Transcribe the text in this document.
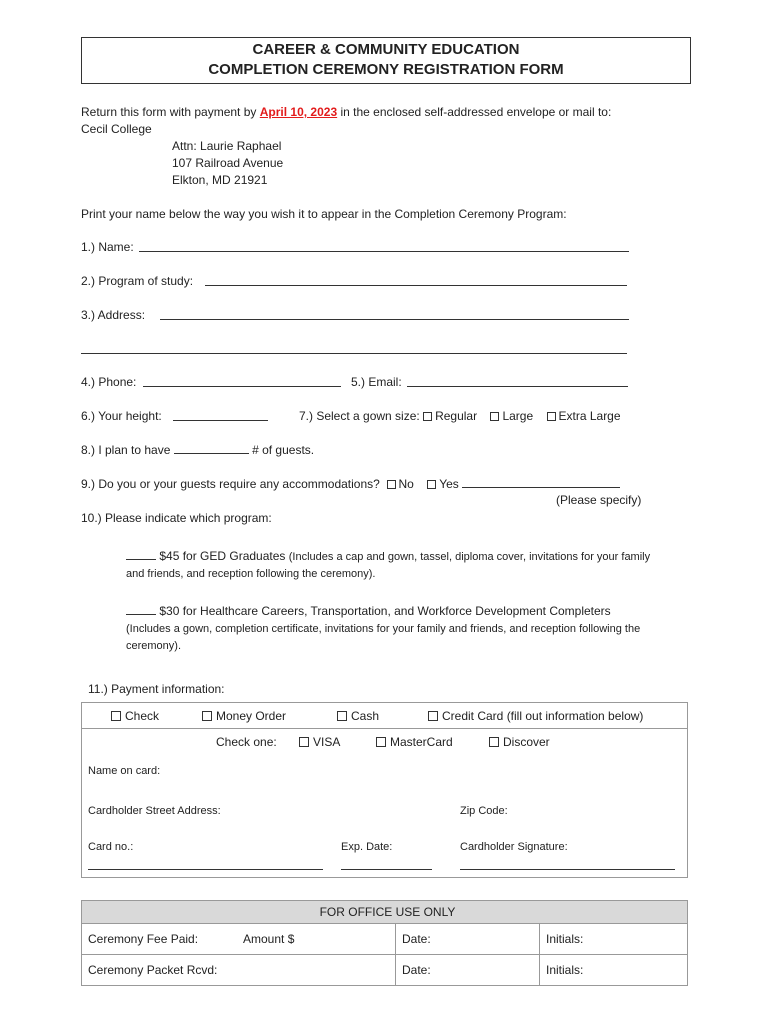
CAREER & COMMUNITY EDUCATION
COMPLETION CEREMONY REGISTRATION FORM
Return this form with payment by April 10, 2023 in the enclosed self-addressed envelope or mail to:
Cecil College
Attn: Laurie Raphael
107 Railroad Avenue
Elkton, MD 21921
Print your name below the way you wish it to appear in the Completion Ceremony Program:
1.) Name:
2.) Program of study:
3.) Address:
4.) Phone:	5.) Email:
6.) Your height:	7.) Select a gown size: Regular Large Extra Large
8.) I plan to have	# of guests.
9.) Do you or your guests require any accommodations? No Yes
(Please specify)
10.) Please indicate which program:
$45 for GED Graduates (Includes a cap and gown, tassel, diploma cover, invitations for your family
and friends, and reception following the ceremony).
$30 for Healthcare Careers, Transportation, and Workforce Development Completers
(Includes a gown, completion certificate, invitations for your family and friends, and reception following the
ceremony).
11.) Payment information:
Check	Money Order	Cash	Credit Card (fill out information below)
Check one:	VISA	MasterCard	Discover
Name on card:
Cardholder Street Address:	Zip Code:
Card no.:	Exp. Date:	Cardholder Signature:
FOR OFFICE USE ONLY		
Ceremony Fee Paid: Amount $	Date:	Initials:
Ceremony Packet Rcvd:	Date:	Initials:
